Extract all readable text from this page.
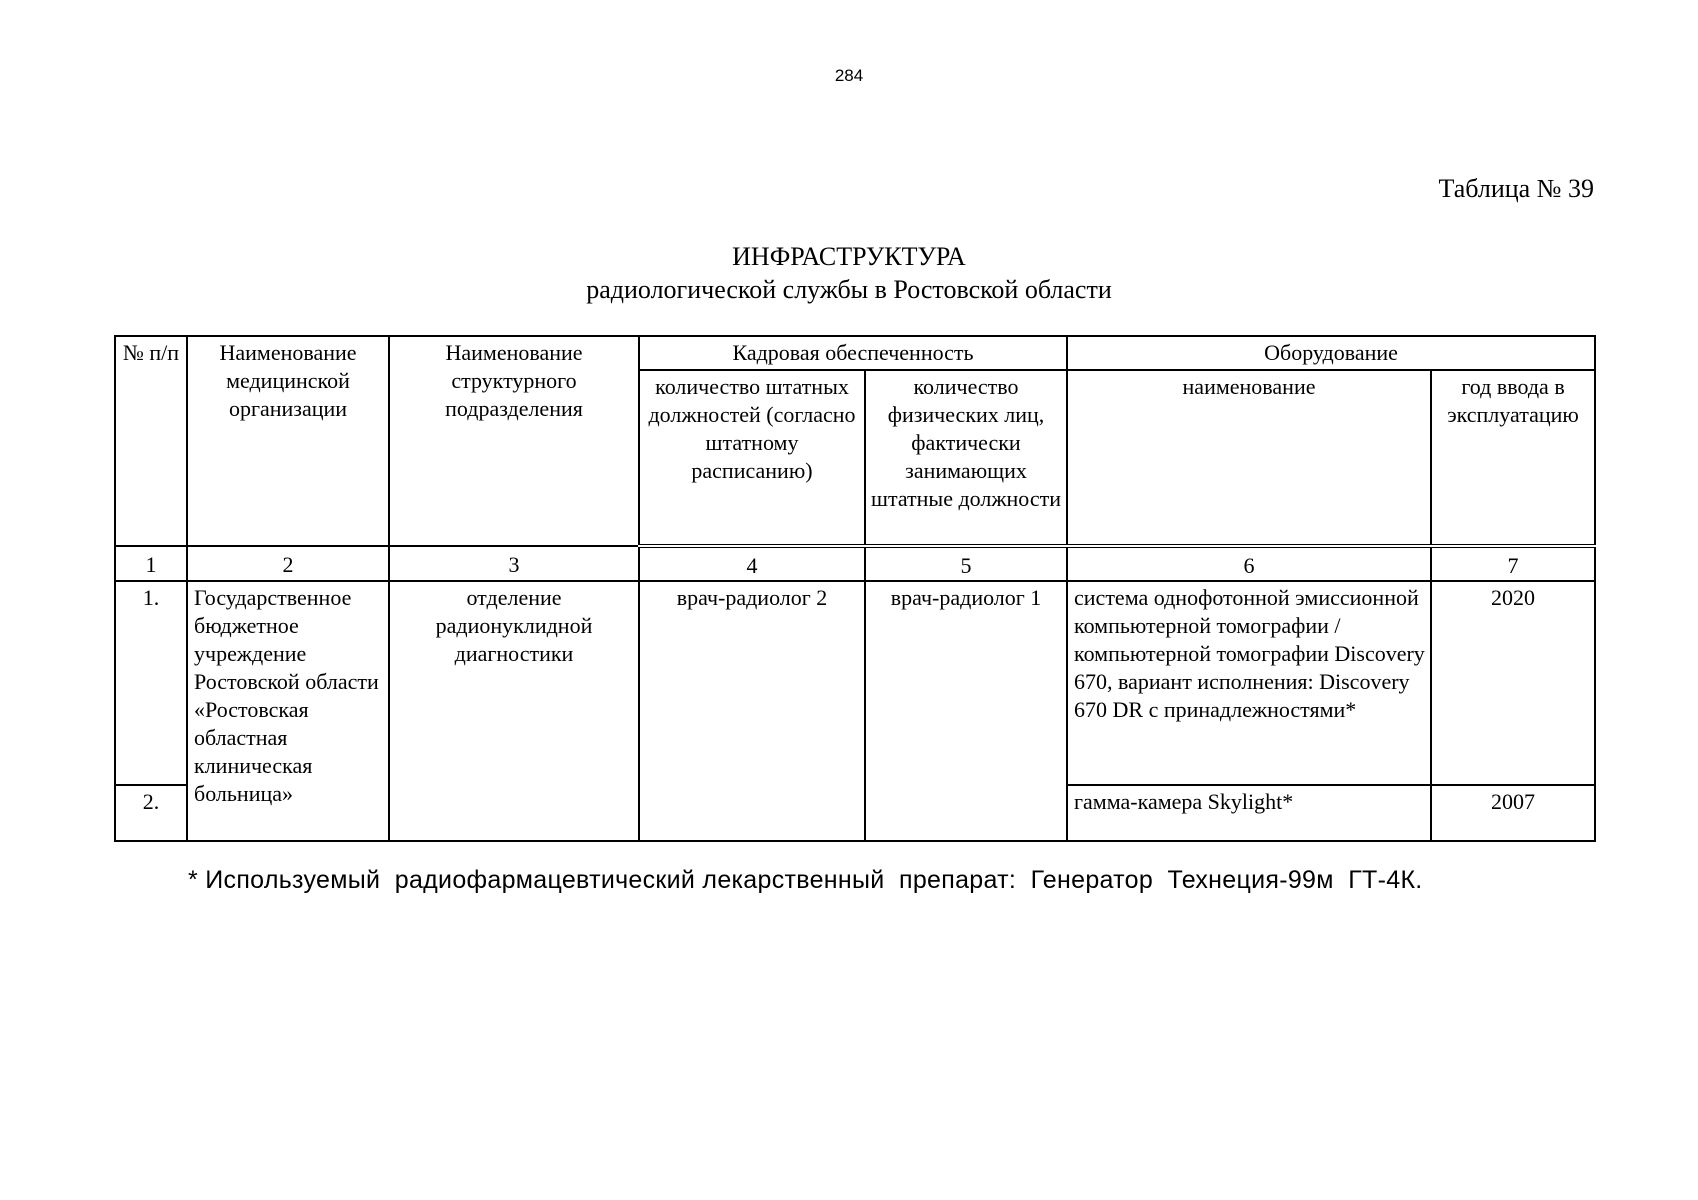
284
Таблица № 39
ИНФРАСТРУКТУРА
радиологической службы в Ростовской области
№ п/п	Наименование медицинской организации	Наименование структурного подразделения	Кадровая обеспеченность		Оборудование	
			количество штатных должностей (согласно штатному расписанию)	количество физических лиц, фактически занимающих штатные должности	наименование	год ввода в эксплуатацию
1	2	3	4	5	6	7
1.	Государственное бюджетное учреждение Ростовской области «Ростовская областная клиническая больница»	отделение радионуклидной диагностики	врач-радиолог 2	врач-радиолог 1	система однофотонной эмиссионной компьютерной томографии / компьютерной томографии Discovery 670, вариант исполнения: Discovery 670 DR с принадлежностями*	2020
2.					гамма-камера Skylight*	2007
* Используемый  радиофармацевтический лекарственный  препарат:  Генератор  Технеция-99м  ГТ-4К.
